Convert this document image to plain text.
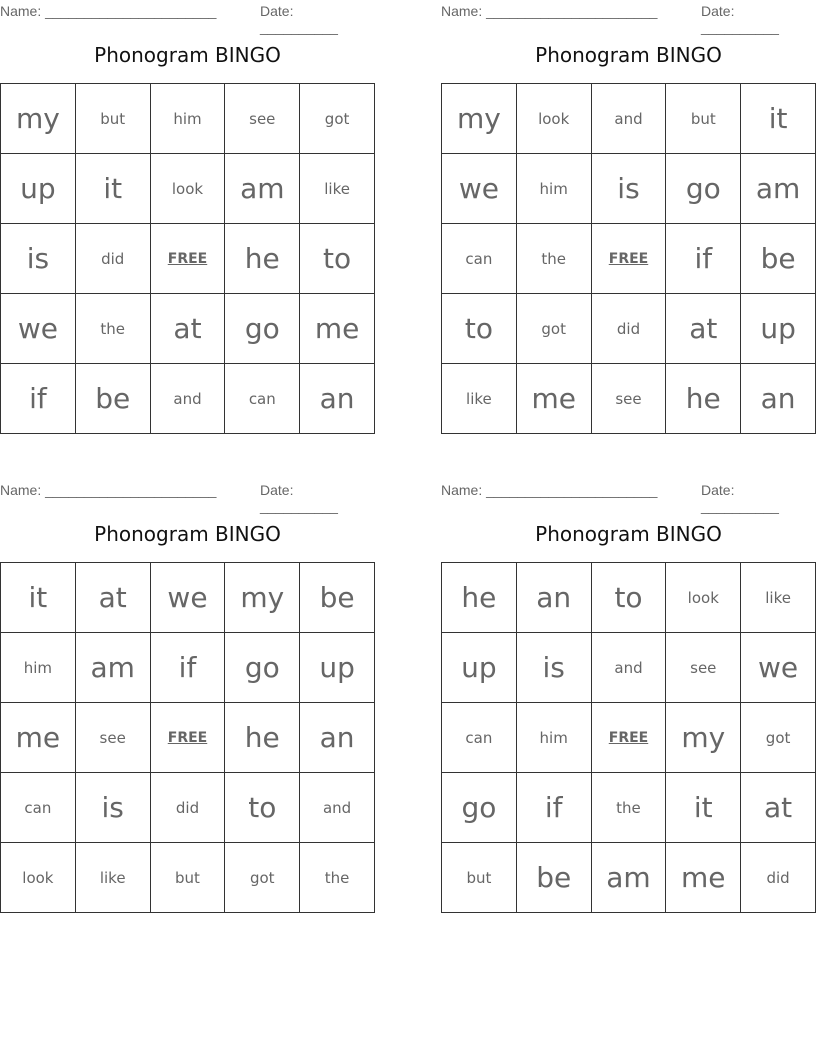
Name: ______________________	Date: __________
Phonogram BINGO
my	but	him	see	got
up	it	look	am	like
is	did	FREE	he	to
we	the	at	go	me
if	be	and	can	an
Name: ______________________	Date: __________
Phonogram BINGO
my	look	and	but	it
we	him	is	go	am
can	the	FREE	if	be
to	got	did	at	up
like	me	see	he	an
Name: ______________________	Date: __________
Phonogram BINGO
it	at	we	my	be
him	am	if	go	up
me	see	FREE	he	an
can	is	did	to	and
look	like	but	got	the
Name: ______________________	Date: __________
Phonogram BINGO
he	an	to	look	like
up	is	and	see	we
can	him	FREE	my	got
go	if	the	it	at
but	be	am	me	did
